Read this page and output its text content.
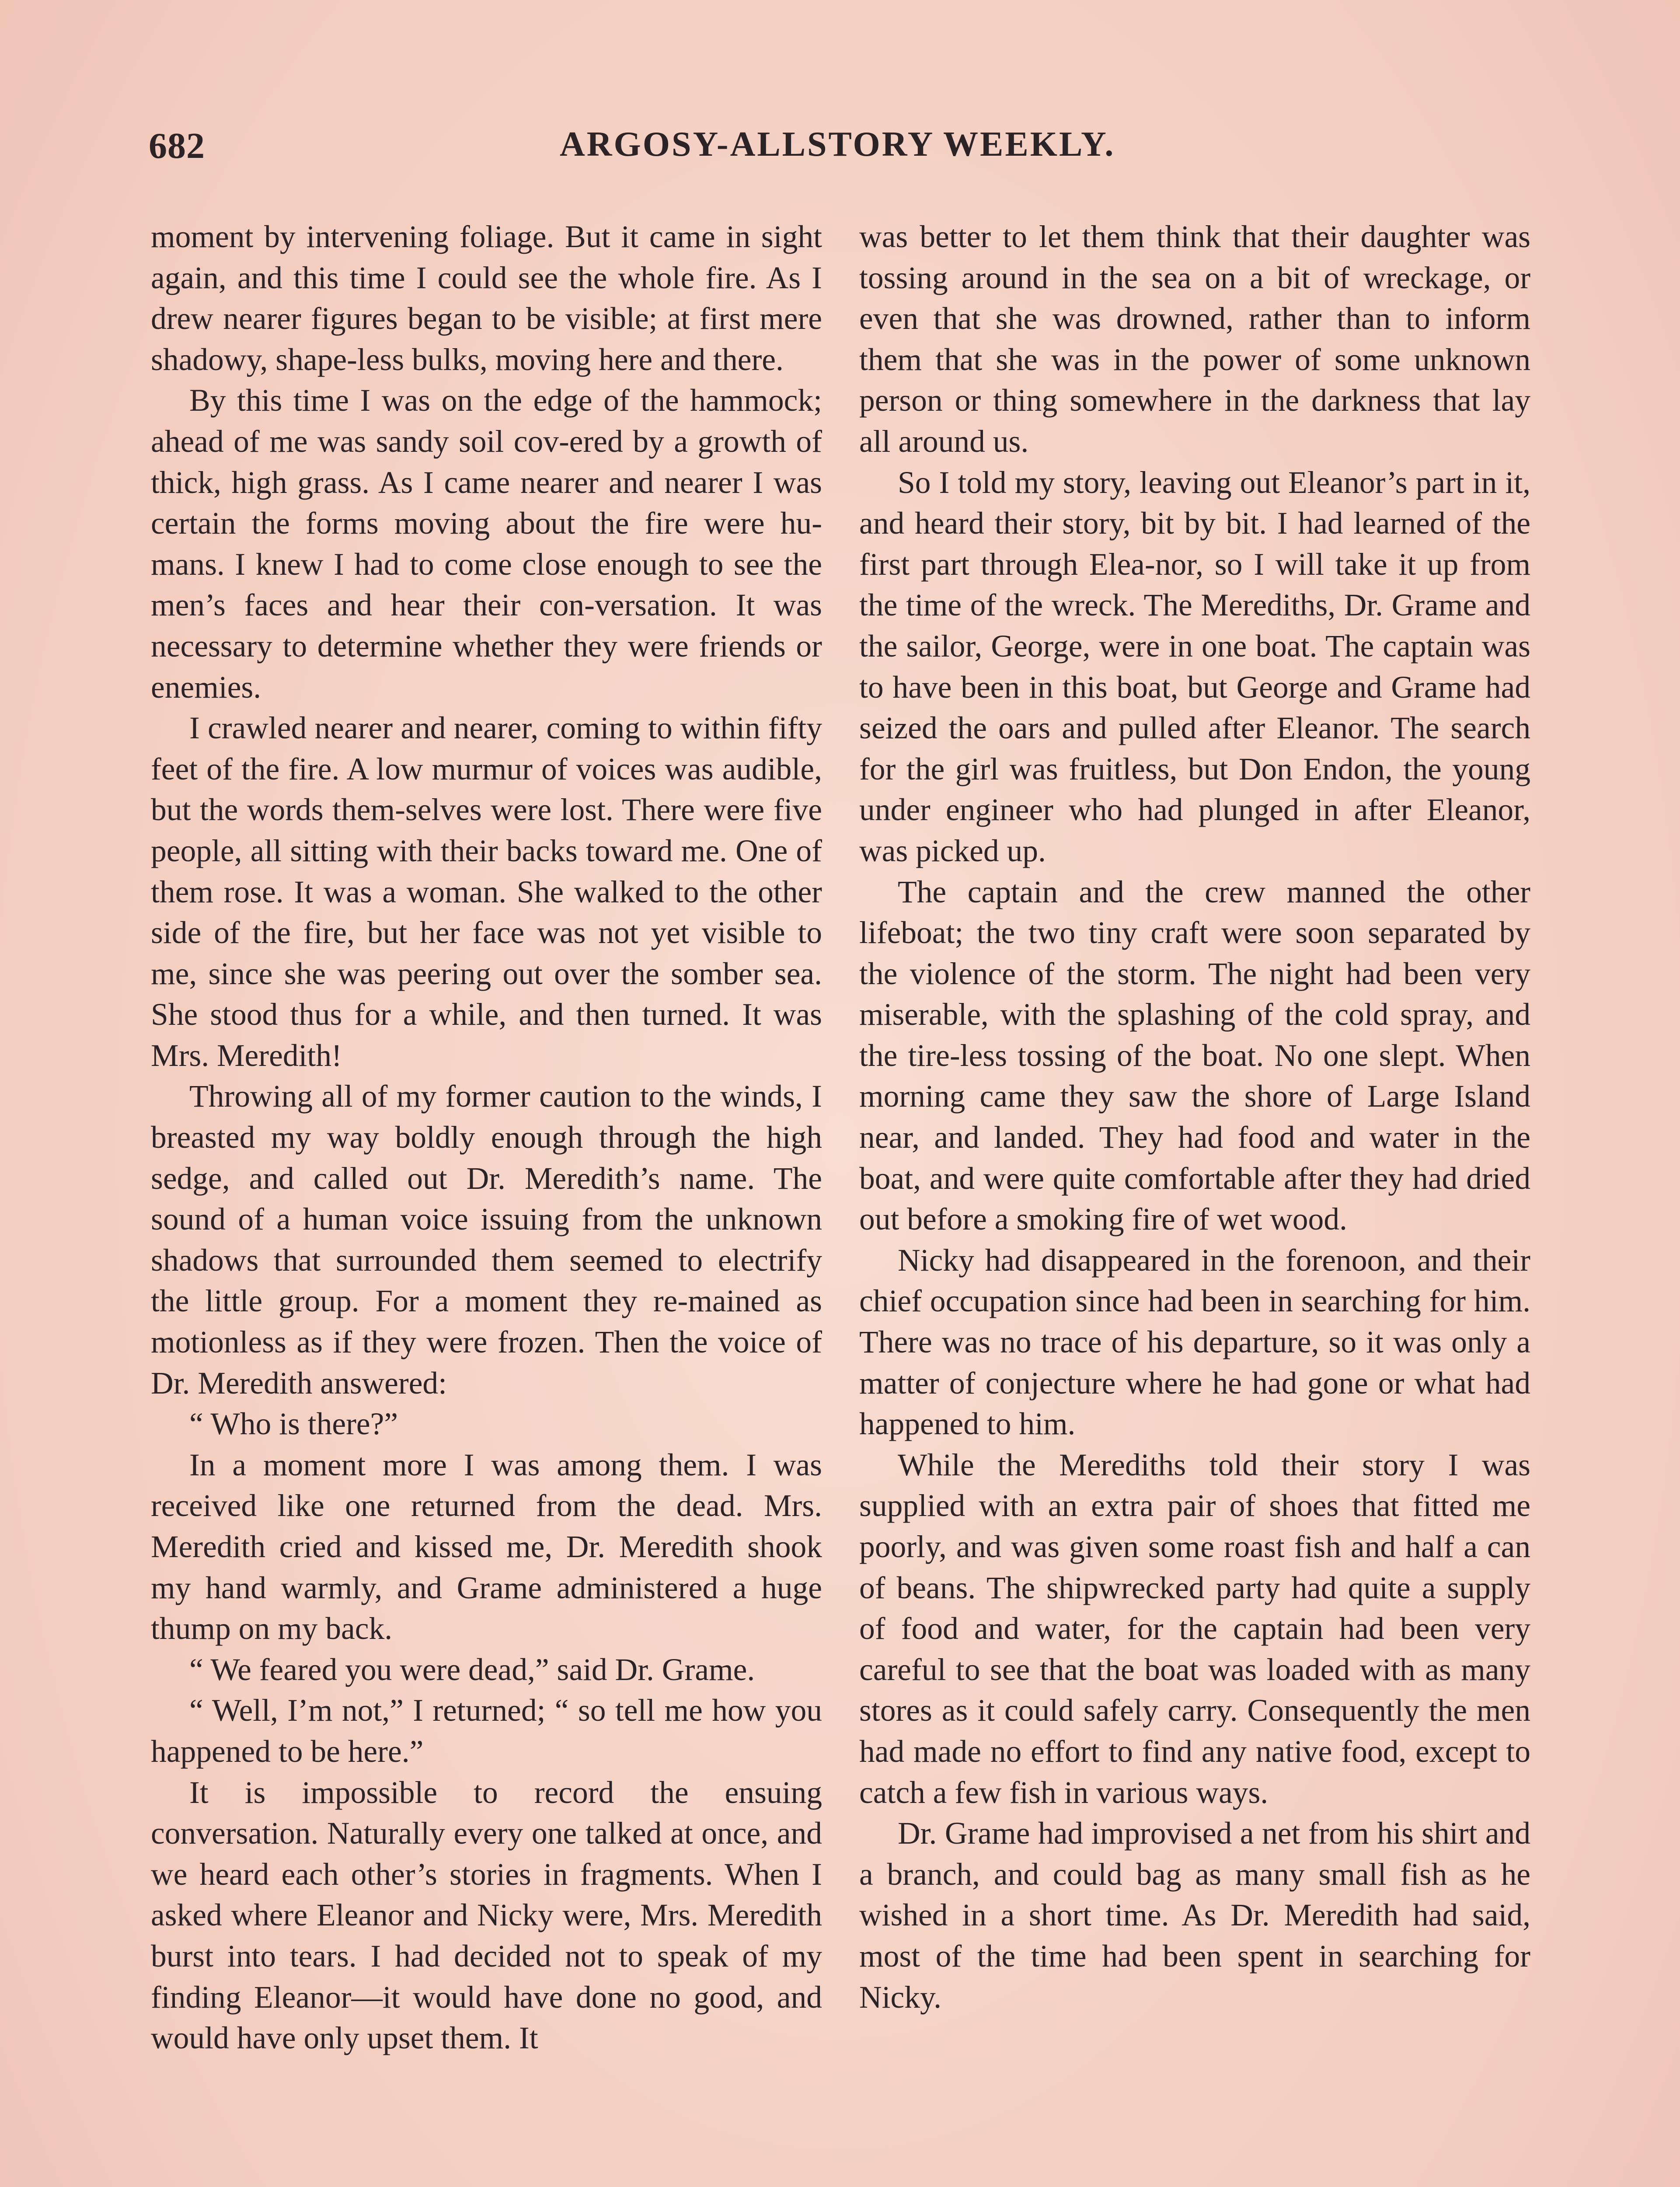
682	ARGOSY-ALLSTORY WEEKLY.

moment by intervening foliage. But it came in sight again, and this time I could see the whole fire. As I drew nearer figures began to be visible; at first mere shadowy, shape-less bulks, moving here and there.

By this time I was on the edge of the hammock; ahead of me was sandy soil cov-ered by a growth of thick, high grass. As I came nearer and nearer I was certain the forms moving about the fire were hu-mans. I knew I had to come close enough to see the men’s faces and hear their con-versation. It was necessary to determine whether they were friends or enemies.

I crawled nearer and nearer, coming to within fifty feet of the fire. A low murmur of voices was audible, but the words them-selves were lost. There were five people, all sitting with their backs toward me. One of them rose. It was a woman. She walked to the other side of the fire, but her face was not yet visible to me, since she was peering out over the somber sea. She stood thus for a while, and then turned. It was Mrs. Meredith!

Throwing all of my former caution to the winds, I breasted my way boldly enough through the high sedge, and called out Dr. Meredith’s name. The sound of a human voice issuing from the unknown shadows that surrounded them seemed to electrify the little group. For a moment they re-mained as motionless as if they were frozen. Then the voice of Dr. Meredith answered:

“ Who is there?”

In a moment more I was among them. I was received like one returned from the dead. Mrs. Meredith cried and kissed me, Dr. Meredith shook my hand warmly, and Grame administered a huge thump on my back.

“ We feared you were dead,” said Dr. Grame.

“ Well, I’m not,” I returned; “ so tell me how you happened to be here.”

It is impossible to record the ensuing conversation. Naturally every one talked at once, and we heard each other’s stories in fragments. When I asked where Eleanor and Nicky were, Mrs. Meredith burst into tears. I had decided not to speak of my finding Eleanor—it would have done no good, and would have only upset them. It

was better to let them think that their daughter was tossing around in the sea on a bit of wreckage, or even that she was drowned, rather than to inform them that she was in the power of some unknown person or thing somewhere in the darkness that lay all around us.

So I told my story, leaving out Eleanor’s part in it, and heard their story, bit by bit. I had learned of the first part through Elea-nor, so I will take it up from the time of the wreck. The Merediths, Dr. Grame and the sailor, George, were in one boat. The captain was to have been in this boat, but George and Grame had seized the oars and pulled after Eleanor. The search for the girl was fruitless, but Don Endon, the young under engineer who had plunged in after Eleanor, was picked up.

The captain and the crew manned the other lifeboat; the two tiny craft were soon separated by the violence of the storm. The night had been very miserable, with the splashing of the cold spray, and the tire-less tossing of the boat. No one slept. When morning came they saw the shore of Large Island near, and landed. They had food and water in the boat, and were quite comfortable after they had dried out before a smoking fire of wet wood.

Nicky had disappeared in the forenoon, and their chief occupation since had been in searching for him. There was no trace of his departure, so it was only a matter of conjecture where he had gone or what had happened to him.

While the Merediths told their story I was supplied with an extra pair of shoes that fitted me poorly, and was given some roast fish and half a can of beans. The shipwrecked party had quite a supply of food and water, for the captain had been very careful to see that the boat was loaded with as many stores as it could safely carry. Consequently the men had made no effort to find any native food, except to catch a few fish in various ways.

Dr. Grame had improvised a net from his shirt and a branch, and could bag as many small fish as he wished in a short time. As Dr. Meredith had said, most of the time had been spent in searching for Nicky.
